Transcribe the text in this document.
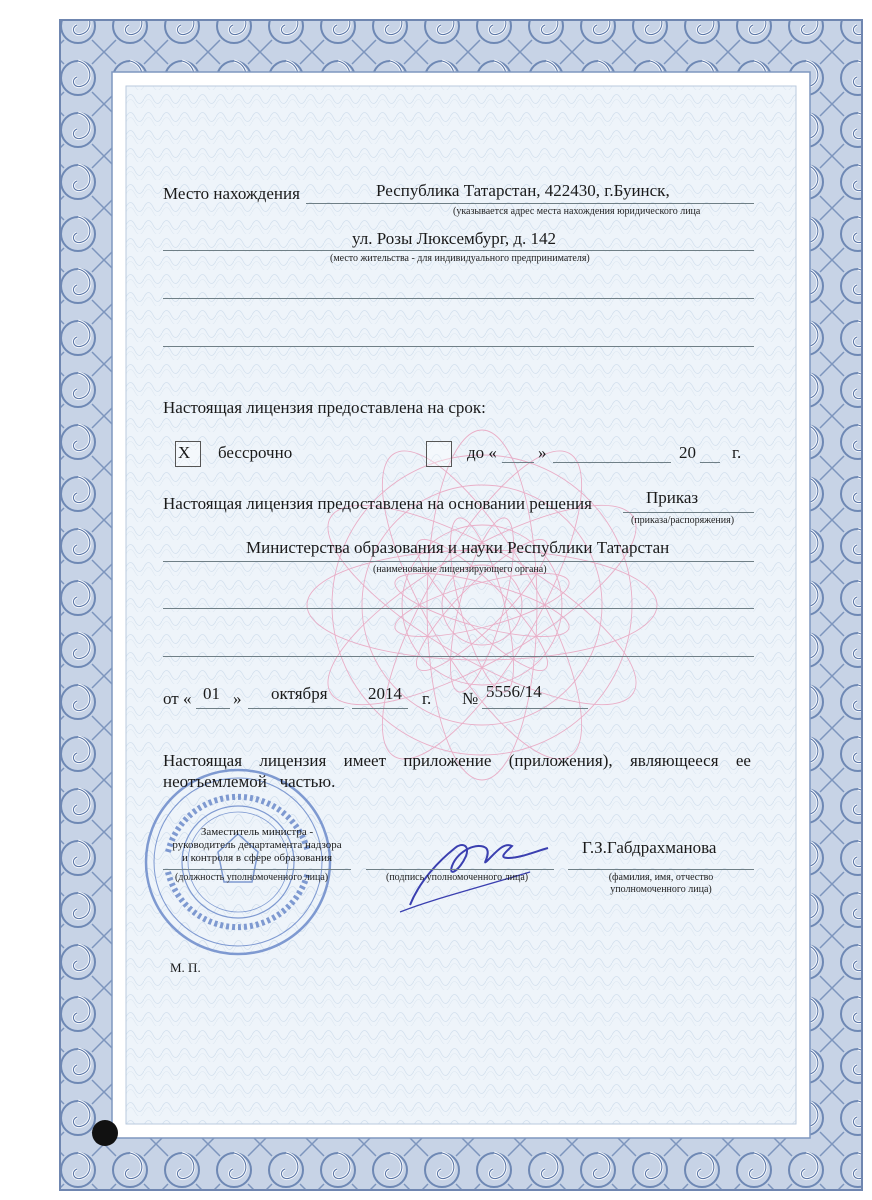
Место нахождения	Республика Татарстан, 422430, г.Буинск,
(указывается адрес места нахождения юридического лица
ул. Розы Люксембург, д. 142
(место жительства - для индивидуального предпринимателя)
Настоящая лицензия предоставлена на срок:
X бессрочно	до « »	20 г.
Настоящая лицензия предоставлена на основании решения	Приказ
(приказа/распоряжения)
Министерства образования и науки Республики Татарстан
(наименование лицензирующего органа)
от « 01 » октября 2014 г. № 5556/14
Настоящая лицензия имеет приложение (приложения), являющееся ее
неотъемлемой   частью.
Заместитель министра -
руководитель департамента надзора
и контроля в сфере образования
(должность уполномоченного лица)	(подпись уполномоченного лица)
Г.З.Габдрахманова
(фамилия, имя, отчество
уполномоченного лица)
М. П.
